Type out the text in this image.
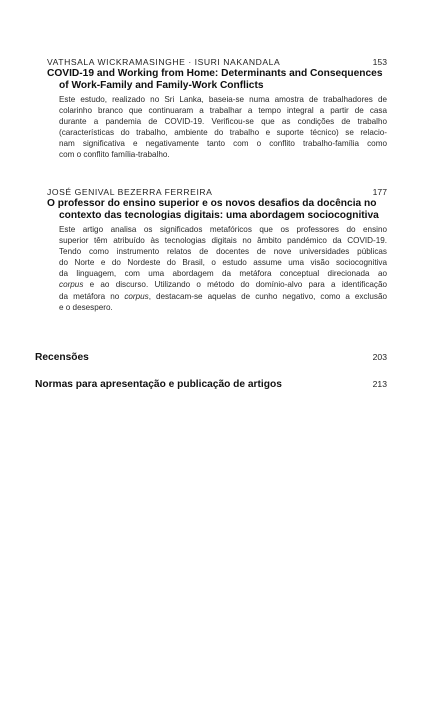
VATHSALA WICKRAMASINGHE · ISURI NAKANDALA	153
COVID-19 and Working from Home: Determinants and Consequences
of Work-Family and Family-Work Conflicts
Este estudo, realizado no Sri Lanka, baseia-se numa amostra de trabalhadores de
colarinho branco que continuaram a trabalhar a tempo integral a partir de casa
durante a pandemia de COVID-19. Verificou-se que as condições de trabalho
(características do trabalho, ambiente do trabalho e suporte técnico) se relacio-
nam significativa e negativamente tanto com o conflito trabalho-família como
com o conflito família-trabalho.
JOSÉ GENIVAL BEZERRA FERREIRA	177
O professor do ensino superior e os novos desafios da docência no
contexto das tecnologias digitais: uma abordagem sociocognitiva
Este artigo analisa os significados metafóricos que os professores do ensino
superior têm atribuído às tecnologias digitais no âmbito pandémico da COVID-19.
Tendo como instrumento relatos de docentes de nove universidades públicas
do Norte e do Nordeste do Brasil, o estudo assume uma visão sociocognitiva
da linguagem, com uma abordagem da metáfora conceptual direcionada ao
corpus e ao discurso. Utilizando o método do domínio-alvo para a identificação
da metáfora no corpus, destacam-se aquelas de cunho negativo, como a exclusão
e o desespero.
Recensões	203
Normas para apresentação e publicação de artigos	213
